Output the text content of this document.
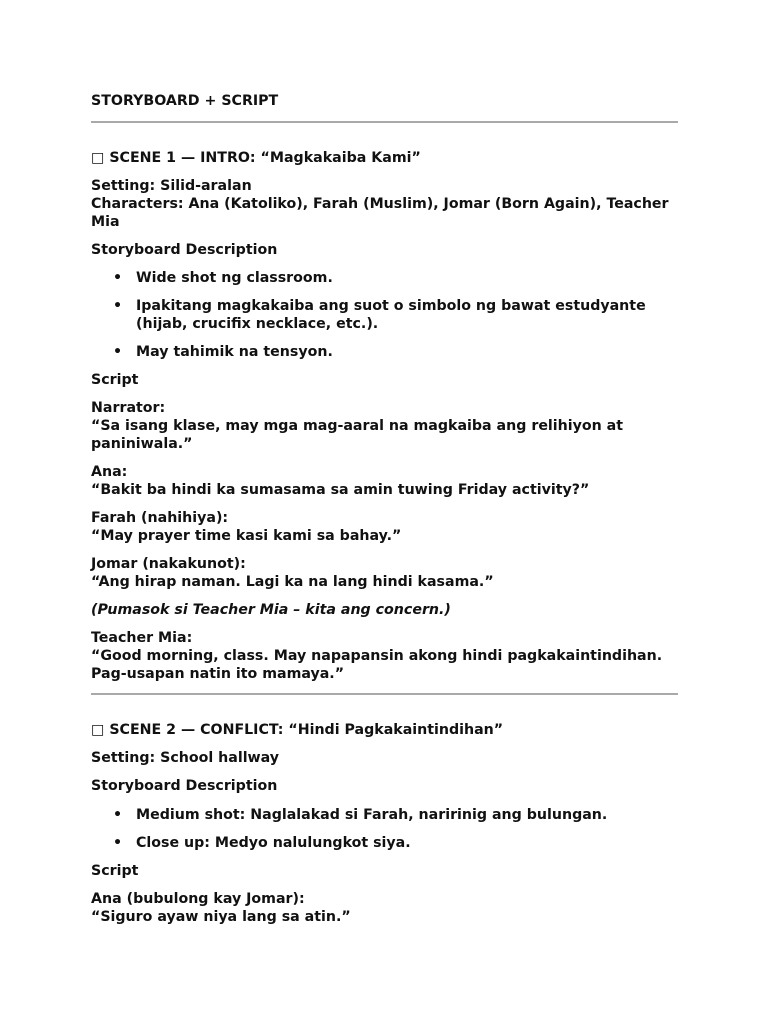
STORYBOARD + SCRIPT

□ SCENE 1 — INTRO: “Magkakaiba Kami”

Setting: Silid-aralan

Characters: Ana (Katoliko), Farah (Muslim), Jomar (Born Again), Teacher

Mia

Storyboard Description

• Wide shot ng classroom.
• Ipakitang magkakaiba ang suot o simbolo ng bawat estudyante
(hijab, crucifix necklace, etc.).
• May tahimik na tensyon.

Script

Narrator:

“Sa isang klase, may mga mag-aaral na magkaiba ang relihiyon at

paniniwala.”

Ana:

“Bakit ba hindi ka sumasama sa amin tuwing Friday activity?”

Farah (nahihiya):

“May prayer time kasi kami sa bahay.”

Jomar (nakakunot):

“Ang hirap naman. Lagi ka na lang hindi kasama.”

(Pumasok si Teacher Mia – kita ang concern.)

Teacher Mia:

“Good morning, class. May napapansin akong hindi pagkakaintindihan.

Pag-usapan natin ito mamaya.”

□ SCENE 2 — CONFLICT: “Hindi Pagkakaintindihan”

Setting: School hallway

Storyboard Description

• Medium shot: Naglalakad si Farah, naririnig ang bulungan.
• Close up: Medyo nalulungkot siya.

Script

Ana (bubulong kay Jomar):

“Siguro ayaw niya lang sa atin.”
